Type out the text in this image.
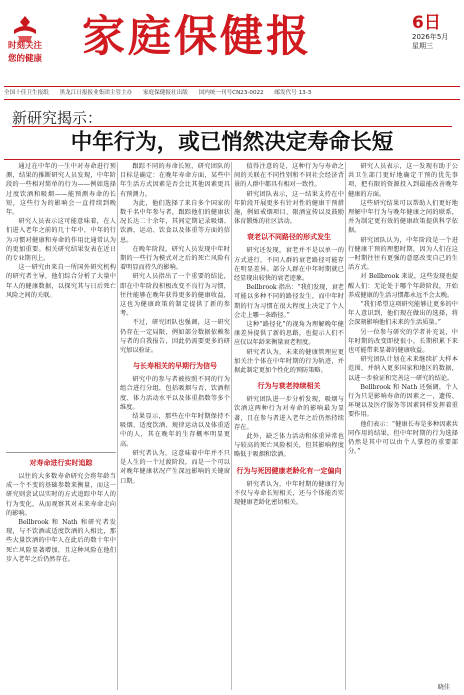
时刻关注
您的健康 家庭保健报	6日
2026年5月
星期三
全国十佳卫生报纸 黑龙江日报报业集团主管主办 家庭保健报社出版 国内统一刊号CN23-0022 邮发代号 13-3
新研究揭示：
中年行为，或已悄然决定寿命长短

通过在中年的一生中对寿命进行预测，结果的推断研究人员发现，中年阶段的一些相对简单的行为——例如选择过度饮酒和吸烟——能预测寿命的长短，这些行为的影响会一直持续到晚年。

研究人员表示这可能意味着，在人们进入老年之前的几十年中，中年的行为习惯对健康和寿命的作用比通常认为的更加重要。相关研究结果发表在近日的专业期刊上。

这一研究由来自一所国外研究机构的研究者主导，他们综合分析了大量中年人的健康数据，以探究其与日后死亡风险之间的关联。

对寿命进行实时追踪

以往的大多数寿命研究会将年龄当成一个不变的基础参数来衡量，而这一研究则尝试以实时的方式追踪中年人的行为变化，从而观察其对未来寿命走向的影响。

Bellbrook 和 Nath 和研究者发现，与不饮酒或适度饮酒的人相比，那些大量饮酒的中年人在此后的数十年中死亡风险显著增加，且这种风险在他们步入老年之后仍然存在。

跟踪不同的寿命长短，研究团队的目标是确定：在晚年寿命方面，某些中年生活方式因素是否会比其他因素更具有预测力。

为此，他们选择了来自多个国家的数千名中年参与者，跟踪他们的健康状况长达二十余年，其间定期记录吸烟、饮酒、运动、饮食以及体重等方面的信息。

在晚年阶段，研究人员发现中年时期的一些行为模式对之后的死亡风险有着明显而持久的影响。

研究人员指出了一个重要的结论，即在中年阶段积极改变不良行为习惯，往往能够在晚年获得更多的健康收益，这也为健康政策的制定提供了新的参考。

不过，研究团队也强调，这一研究仍存在一定局限，例如部分数据依赖参与者的自我报告，因此仍需要更多的研究加以验证。

与长寿相关的早期行为信号

研究中的参与者被按照不同的行为组合进行分组，包括吸烟与否、饮酒程度、体力活动水平以及体重指数等多个维度。

结果显示，那些在中年时期保持不吸烟、适度饮酒、规律运动以及体重适中的人，其在晚年的生存概率明显更高。

研究者认为，这意味着中年并不只是人生的一个过渡阶段，而是一个可以对晚年健康状况产生深远影响的关键窗口期。

值得注意的是，这种行为与寿命之间的关联在不同性别和不同社会经济背景的人群中都具有相对一致性。

研究团队表示，这一结果支持在中年阶段开展更多有针对性的健康干预措施，例如戒烟项目、限酒宣传以及鼓励体育锻炼的社区活动。

衰老以不同路径的形式发生

研究还发现，衰老并不是以单一的方式进行，不同人群的衰老路径可能存在明显差异。部分人群在中年时期就已经显现出较快的衰老迹象。

Bellbrook 指出：“我们发现，衰老可能以多种不同的路径发生，而中年时期的行为习惯在很大程度上决定了个人会走上哪一条路径。”

这种“路径化”的视角为理解晚年健康差异提供了新的思路，也提示人们不应仅以年龄来衡量衰老程度。

研究者认为，未来的健康管理应更加关注个体在中年时期的行为轨迹，并据此制定更加个性化的预防策略。

行为与衰老持续相关

研究团队进一步分析发现，吸烟与饮酒这两种行为对寿命的影响最为显著，且在参与者进入老年之后仍然持续存在。

此外，缺乏体力活动和体重异常也与较高的死亡风险相关，但其影响程度略低于吸烟和饮酒。

行为与死因健康老龄化有一定偏向

研究者认为，中年时期的健康行为不仅与寿命长短相关，还与个体能否实现健康老龄化密切相关。

研究人员表示，这一发现有助于公共卫生部门更好地确定干预的优先事项，把有限的资源投入到最能改善晚年健康的方面。

这些研究结果可以帮助人们更好地理解中年行为与晚年健康之间的联系，并为制定更有效的健康政策提供科学依据。

研究团队认为，中年阶段是一个进行健康干预的理想时期，因为人们在这一时期往往有更强的意愿改变自己的生活方式。

对 Bellbrook 来说，这些发现也提醒人们：无论处于哪个年龄阶段，开始养成健康的生活习惯都永远不会太晚。

“我们希望这项研究能够让更多的中年人意识到，他们现在做出的选择，将会深刻影响他们未来的生活质量。”

另一位参与研究的学者补充说，中年时期的改变即使很小，长期积累下来也可能带来显著的健康收益。

研究团队计划在未来继续扩大样本范围，并纳入更多国家和地区的数据，以进一步验证和完善这一研究的结论。

Bellbrook 和 Nath 还强调，个人行为只是影响寿命的因素之一，遗传、环境以及医疗服务等因素同样发挥着重要作用。

他们表示：“健康长寿是多种因素共同作用的结果，但中年时期的行为选择仍然是其中可以由个人掌控的重要部分。”

晓佳
